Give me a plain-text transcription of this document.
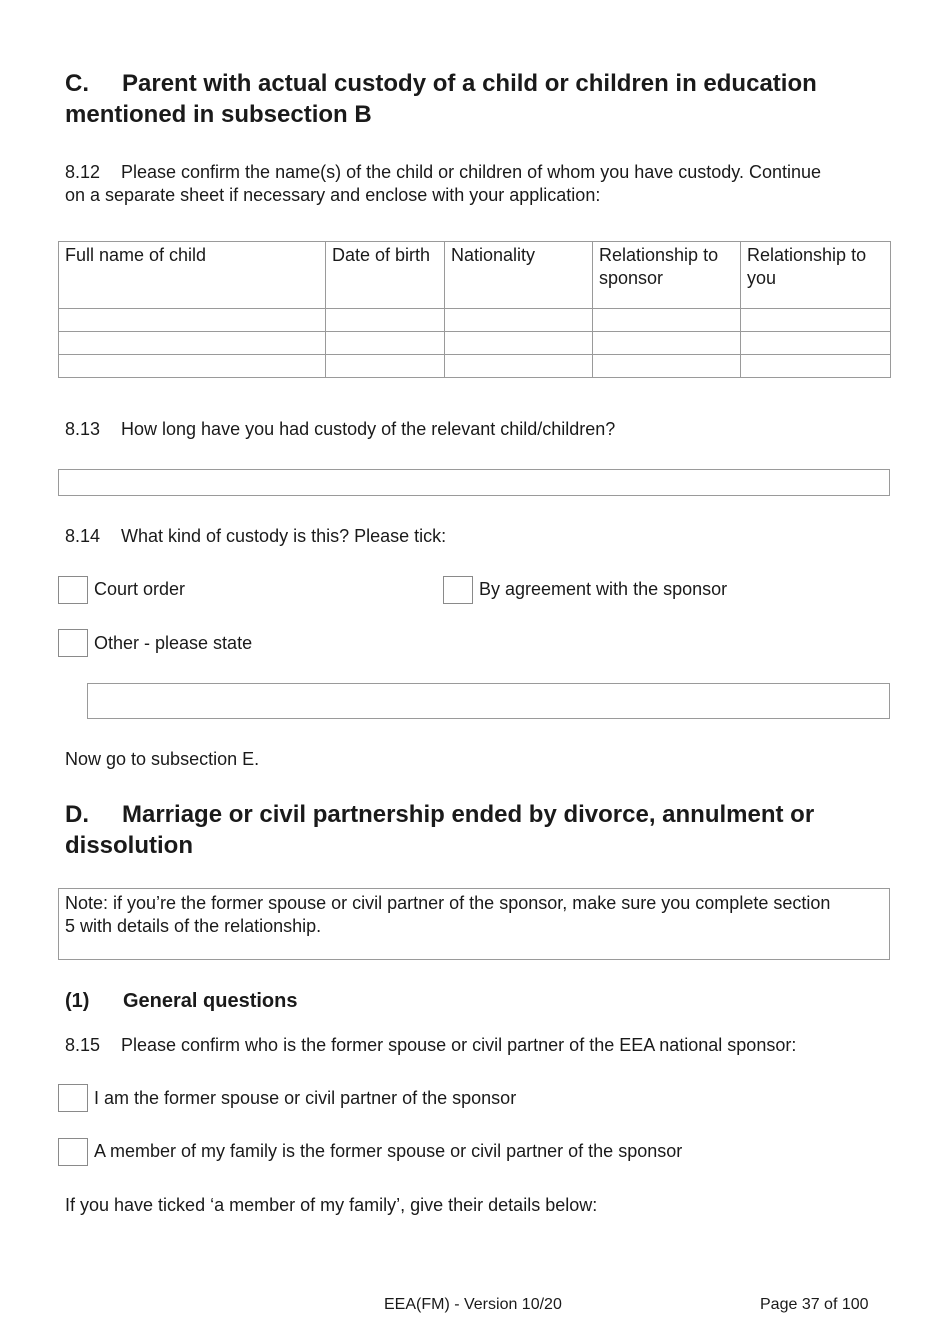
C. Parent with actual custody of a child or children in education
mentioned in subsection B
8.12 Please confirm the name(s) of the child or children of whom you have custody. Continue
on a separate sheet if necessary and enclose with your application:
Full name of child	Date of birth	Nationality	Relationship to sponsor	Relationship to you

8.13 How long have you had custody of the relevant child/children?
8.14 What kind of custody is this? Please tick:
Court order	By agreement with the sponsor
Other - please state
Now go to subsection E.
D. Marriage or civil partnership ended by divorce, annulment or
dissolution
Note: if you’re the former spouse or civil partner of the sponsor, make sure you complete section
5 with details of the relationship.
(1) General questions
8.15 Please confirm who is the former spouse or civil partner of the EEA national sponsor:
I am the former spouse or civil partner of the sponsor
A member of my family is the former spouse or civil partner of the sponsor
If you have ticked ‘a member of my family’, give their details below:
EEA(FM) - Version 10/20	Page 37 of 100
